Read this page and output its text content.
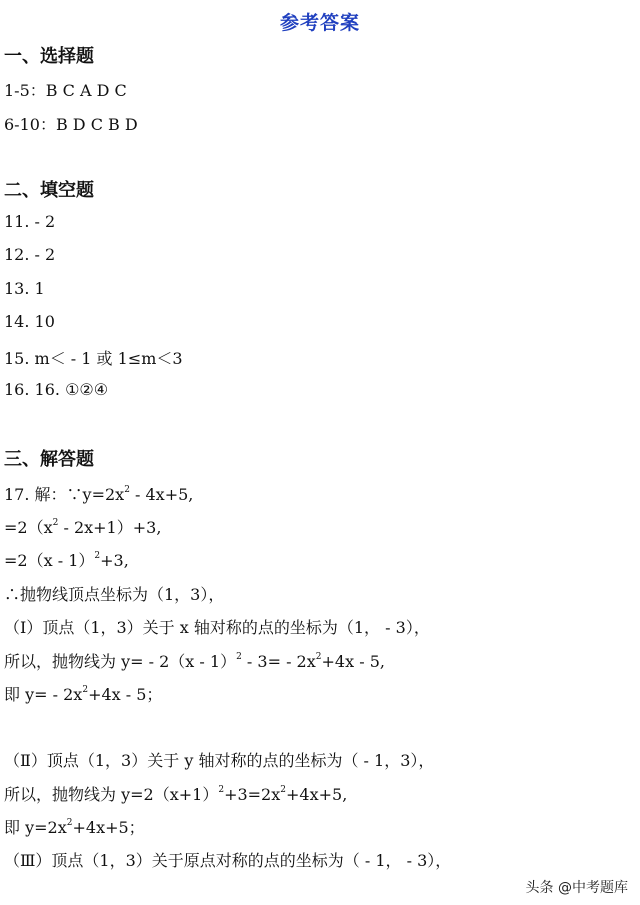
参考答案
一、选择题
1-5：B C A D C
6-10：B D C B D
二、填空题
11. - 2
12. - 2
13. 1
14. 10
15. m＜ - 1 或 1≤m＜3
16. 16. ①②④
三、解答题
17. 解：$\because y=2x^2 - 4x+5$,
$=2(x^2 - 2x+1)+3$,
=2（x - 1）$^2$+3,
∴抛物线顶点坐标为（1，3），
（Ⅰ）顶点（1，3）关于 x 轴对称的点的坐标为（1， - 3），
所以，抛物线为 $y= - 2(x - 1)^2 - 3= - 2x^2+4x - 5$,
即 $y= - 2x^2+4x - 5$；
（Ⅱ）顶点（1，3）关于 y 轴对称的点的坐标为（ - 1，3），
所以，抛物线为 $y=2(x+1)^2+3=2x^2+4x+5$,
即 $y=2x^2+4x+5$；
（Ⅲ）顶点（1，3）关于原点对称的点的坐标为（ - 1， - 3），
头条 @中考题库
